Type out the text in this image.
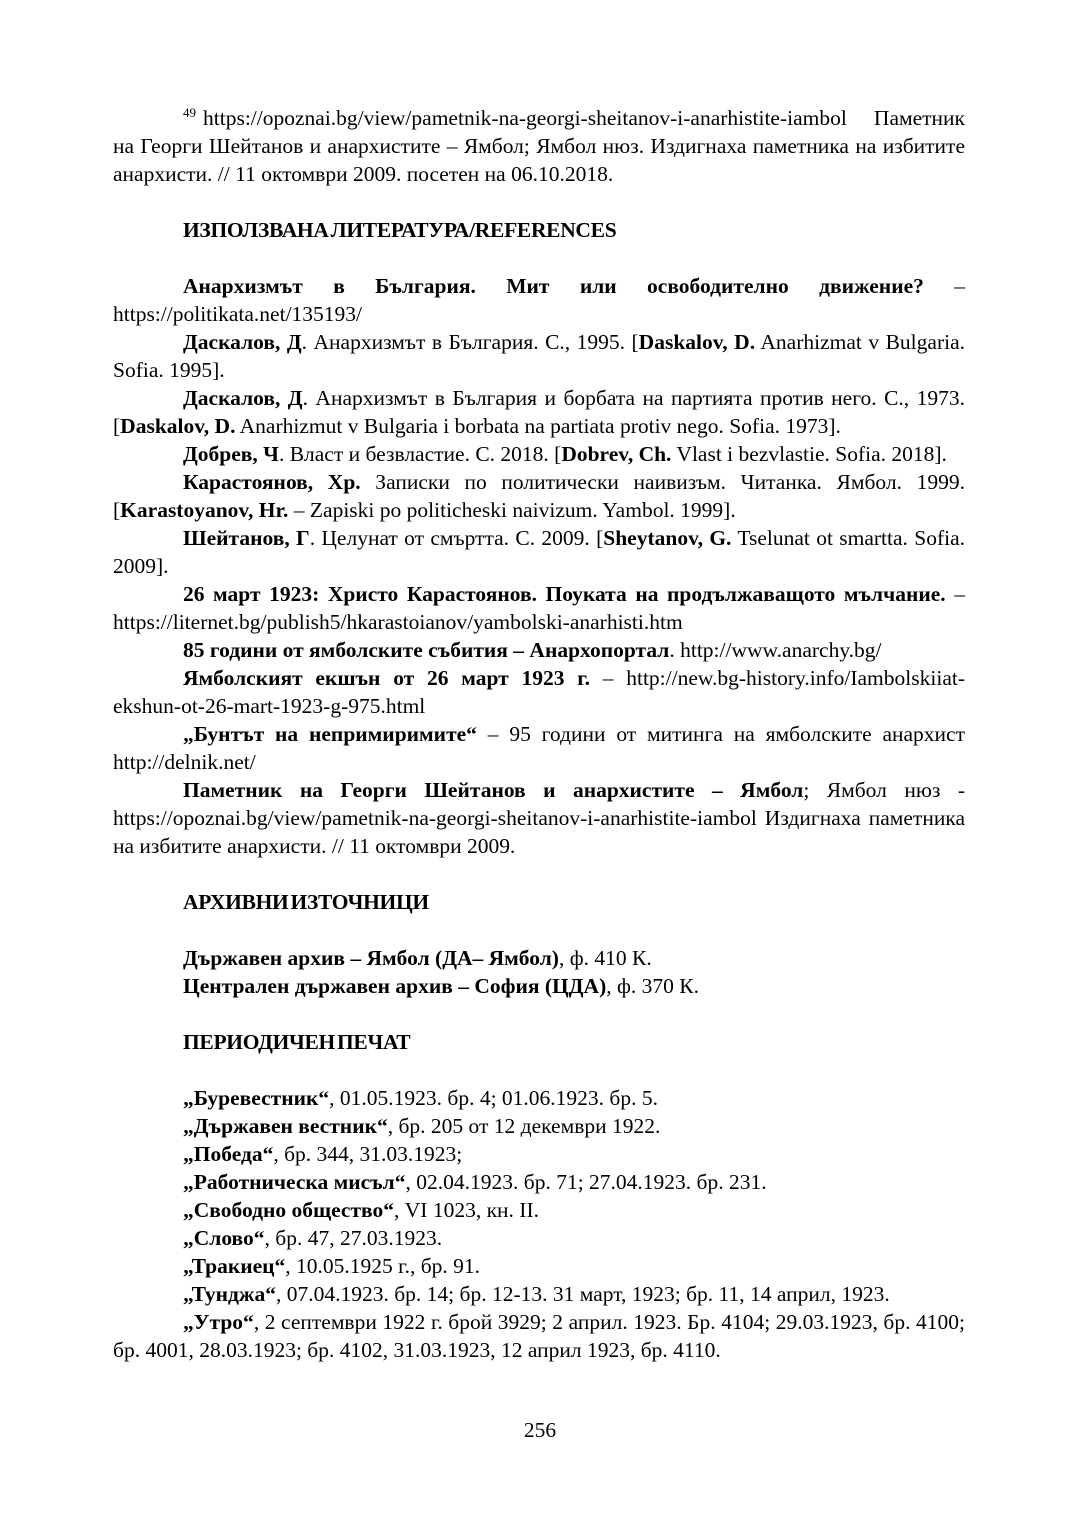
$^{49}$ https://opoznai.bg/view/pametnik-na-georgi-sheitanov-i-anarhistite-iambol Паметник на Георги Шейтанов и анархистите – Ямбол; Ямбол нюз. Издигнаха паметника на избитите анархисти. // 11 октомври 2009. посетен на 06.10.2018.

ИЗПОЛЗВАНА ЛИТЕРАТУРА/REFERENCES

Анархизмът в България. Мит или освободително движение? – https://politikata.net/135193/

Даскалов, Д. Анархизмът в България. С., 1995. [Daskalov, D. Anarhizmat v Bulgaria. Sofia. 1995].

Даскалов, Д. Анархизмът в България и борбата на партията против него. С., 1973. [Daskalov, D. Anarhizmut v Bulgaria i borbata na partiata protiv nego. Sofia. 1973].

Добрев, Ч. Власт и безвластие. С. 2018. [Dobrev, Ch. Vlast i bezvlastie. Sofia. 2018].

Карастоянов, Хр. Записки по политически наивизъм. Читанка. Ямбол. 1999. [Karastoyanov, Hr. – Zapiski po politicheski naivizum. Yambol. 1999].

Шейтанов, Г. Целунат от смъртта. С. 2009. [Sheytanov, G. Tselunat ot smartta. Sofia. 2009].

26 март 1923: Христо Карастоянов. Поуката на продължаващото мълчание. – https://liternet.bg/publish5/hkarastoianov/yambolski-anarhisti.htm

85 години от ямболските събития – Анархопортал. http://www.anarchy.bg/

Ямболският екшън от 26 март 1923 г. – http://new.bg-history.info/Iambolskiiat-ekshun-ot-26-mart-1923-g-975.html

„Бунтът на непримиримите“ – 95 години от митинга на ямболските анархист http://delnik.net/

Паметник на Георги Шейтанов и анархистите – Ямбол; Ямбол нюз - https://opoznai.bg/view/pametnik-na-georgi-sheitanov-i-anarhistite-iambol Издигнаха паметника на избитите анархисти. // 11 октомври 2009.

АРХИВНИ ИЗТОЧНИЦИ

Държавен архив – Ямбол (ДА– Ямбол), ф. 410 К.

Централен държавен архив – София (ЦДА), ф. 370 К.

ПЕРИОДИЧЕН ПЕЧАТ

„Буревестник“, 01.05.1923. бр. 4; 01.06.1923. бр. 5.

„Държавен вестник“, бр. 205 от 12 декември 1922.

„Победа“, бр. 344, 31.03.1923;

„Работническа мисъл“, 02.04.1923. бр. 71; 27.04.1923. бр. 231.

„Свободно общество“, VI 1023, кн. II.

„Слово“, бр. 47, 27.03.1923.

„Тракиец“, 10.05.1925 г., бр. 91.

„Тунджа“, 07.04.1923. бр. 14; бр. 12-13. 31 март, 1923; бр. 11, 14 април, 1923.

„Утро“, 2 септември 1922 г. брой 3929; 2 април. 1923. Бр. 4104; 29.03.1923, бр. 4100; бр. 4001, 28.03.1923; бр. 4102, 31.03.1923, 12 април 1923, бр. 4110.

256
